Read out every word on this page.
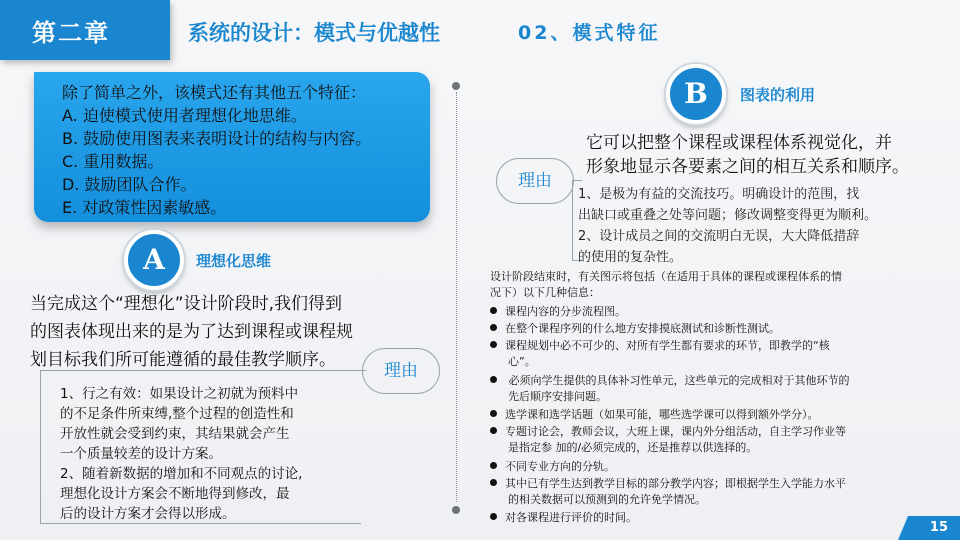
第二章	系统的设计：模式与优越性	02、模式特征
除了简单之外，该模式还有其他五个特征：
A. 迫使模式使用者理想化地思维。
B. 鼓励使用图表来表明设计的结构与内容。
C. 重用数据。
D. 鼓励团队合作。
E. 对政策性因素敏感。
A	理想化思维
当完成这个“理想化”设计阶段时,我们得到
的图表体现出来的是为了达到课程或课程规
划目标我们所可能遵循的最佳教学顺序。
理由
1、行之有效：如果设计之初就为预料中
的不足条件所束缚,整个过程的创造性和
开放性就会受到约束，其结果就会产生
一个质量较差的设计方案。
2、随着新数据的增加和不同观点的讨论,
理想化设计方案会不断地得到修改，最
后的设计方案才会得以形成。
B	图表的利用
它可以把整个课程或课程体系视觉化，并
形象地显示各要素之间的相互关系和顺序。
理由
1、是极为有益的交流技巧。明确设计的范围，找
出缺口或重叠之处等问题；修改调整变得更为顺利。
2、设计成员之间的交流明白无误，大大降低措辞
的使用的复杂性。
设计阶段结束时，有关图示将包括（在适用于具体的课程或课程体系的情
况下）以下几种信息：
课程内容的分步流程图。
在整个课程序列的什么地方安排摸底测试和诊断性测试。
课程规划中必不可少的、对所有学生都有要求的环节，即教学的“核
心”。
必须向学生提供的具体补习性单元，这些单元的完成相对于其他环节的
先后顺序安排问题。
选学课和选学话题（如果可能，哪些选学课可以得到额外学分）。
专题讨论会，教师会议，大班上课，课内外分组活动，自主学习作业等
是指定参 加的/必须完成的，还是推荐以供选择的。
不同专业方向的分轨。
其中已有学生达到教学目标的部分教学内容；即根据学生入学能力水平
的相关数据可以预测到的允许免学情况。
对各课程进行评价的时间。
15
